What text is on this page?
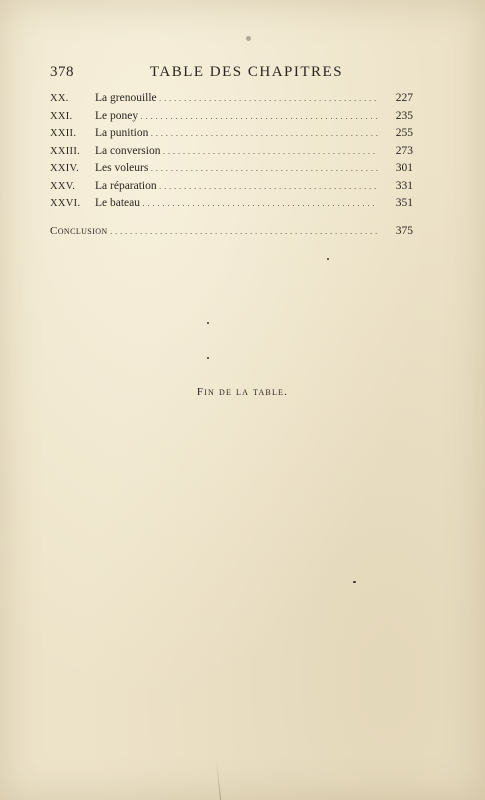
378	TABLE DES CHAPITRES
XX.	La grenouille . . .	227
XXI.	Le poney . . .	235
XXII.	La punition . . .	255
XXIII.	La conversion . . .	273
XXIV.	Les voleurs . . .	301
XXV.	La réparation . . .	331
XXVI.	Le bateau . . .	351
Conclusion . . .	375
Fin de la table.
